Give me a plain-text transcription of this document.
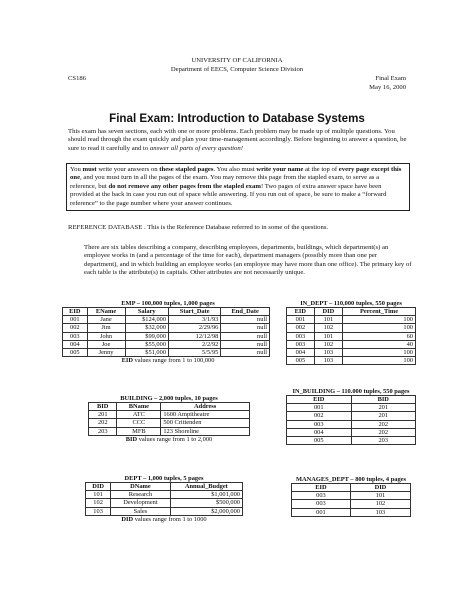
UNIVERSITY OF CALIFORNIA
Department of EECS, Computer Science Division
CS186	Final Exam
May 16, 2000
Final Exam: Introduction to Database Systems
This exam has seven sections, each with one or more problems. Each problem may be made up of multiple questions. You should read through the exam quickly and plan your time-management accordingly. Before beginning to answer a question, be sure to read it carefully and to answer all parts of every question!
You must write your answers on these stapled pages. You also must write your name at the top of every page except this one, and you must turn in all the pages of the exam. You may remove this page from the stapled exam, to serve as a reference, but do not remove any other pages from the stapled exam! Two pages of extra answer space have been provided at the back in case you run out of space while answering. If you run out of space, be sure to make a “forward reference” to the page number where your answer continues.
REFERENCE DATABASE . This is the Reference Database referred to in some of the questions.
There are six tables describing a company, describing employees, departments, buildings, which department(s) an employee works in (and a percentage of the time for each), department managers (possibly more than one per department), and in which building an employee works (an employee may have more than one office). The primary key of each table is the attribute(s) in capitals. Other attributes are not necessarily unique.
EMP – 100,000 tuples, 1,000 pages
EID	EName	Salary	Start_Date	End_Date
001	Jane	$124,000	3/1/93	null
002	Jim	$32,000	2/29/96	null
003	John	$99,000	12/12/98	null
004	Joe	$55,000	2/2/92	null
005	Jenny	$51,000	5/5/95	null
EID values range from 1 to 100,000
IN_DEPT – 110,000 tuples, 550 pages
EID	DID	Percent_Time
001	101	100
002	102	100
003	101	60
003	102	40
004	103	100
005	103	100
BUILDING – 2,000 tuples, 10 pages
BID	BName	Address
201	ATC	1600 Ampitheatre
202	CCC	500 Crittenden
203	MFB	123 Shoreline
BID values range from 1 to 2,000
IN_BUILDING – 110.000 tuples, 550 pages
EID	BID
001	201
002	201
003	202
004	202
005	203
DEPT – 1,000 tuples, 5 pages
DID	DName	Annual_Budget
101	Research	$1,001,000
102	Development	$500,000
103	Sales	$2,000,000
DID values range from 1 to 1000
MANAGES_DEPT – 800 tuples, 4 pages
EID	DID
003	101
003	102
001	103
